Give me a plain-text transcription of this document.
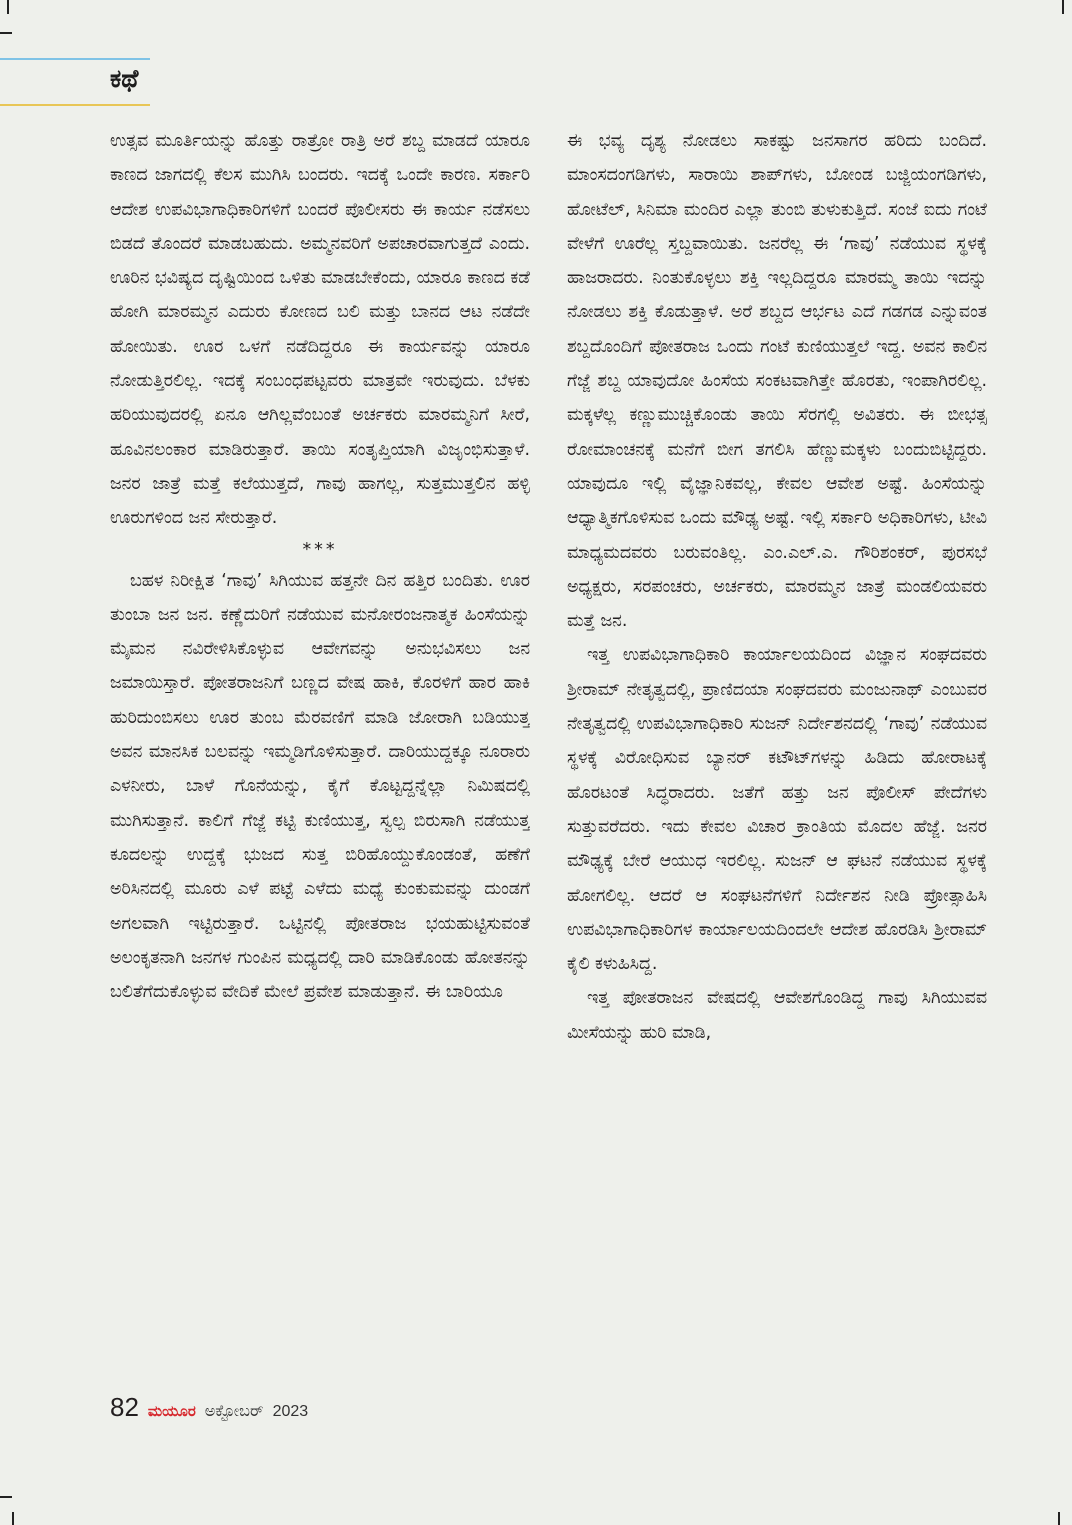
ಕಥೆ

ಉತ್ಸವ ಮೂರ್ತಿಯನ್ನು ಹೊತ್ತು ರಾತ್ರೋ ರಾತ್ರಿ ಅರೆ ಶಬ್ದ ಮಾಡದೆ ಯಾರೂ ಕಾಣದ ಜಾಗದಲ್ಲಿ ಕೆಲಸ ಮುಗಿಸಿ ಬಂದರು. ಇದಕ್ಕೆ ಒಂದೇ ಕಾರಣ. ಸರ್ಕಾರಿ ಆದೇಶ ಉಪವಿಭಾಗಾಧಿಕಾರಿಗಳಿಗೆ ಬಂದರೆ ಪೊಲೀಸರು ಈ ಕಾರ್ಯ ನಡೆಸಲು ಬಿಡದೆ ತೊಂದರೆ ಮಾಡಬಹುದು. ಅಮ್ಮನವರಿಗೆ ಅಪಚಾರವಾಗುತ್ತದೆ ಎಂದು. ಊರಿನ ಭವಿಷ್ಯದ ದೃಷ್ಟಿಯಿಂದ ಒಳಿತು ಮಾಡಬೇಕೆಂದು, ಯಾರೂ ಕಾಣದ ಕಡೆ ಹೋಗಿ ಮಾರಮ್ಮನ ಎದುರು ಕೋಣದ ಬಲಿ ಮತ್ತು ಬಾನದ ಆಟ ನಡೆದೇ ಹೋಯಿತು. ಊರ ಒಳಗೆ ನಡೆದಿದ್ದರೂ ಈ ಕಾರ್ಯವನ್ನು ಯಾರೂ ನೋಡುತ್ತಿರಲಿಲ್ಲ. ಇದಕ್ಕೆ ಸಂಬಂಧಪಟ್ಟವರು ಮಾತ್ರವೇ ಇರುವುದು. ಬೆಳಕು ಹರಿಯುವುದರಲ್ಲಿ ಏನೂ ಆಗಿಲ್ಲವೆಂಬಂತೆ ಅರ್ಚಕರು ಮಾರಮ್ಮನಿಗೆ ಸೀರೆ, ಹೂವಿನಲಂಕಾರ ಮಾಡಿರುತ್ತಾರೆ. ತಾಯಿ ಸಂತೃಪ್ತಿಯಾಗಿ ವಿಜೃಂಭಿಸುತ್ತಾಳೆ. ಜನರ ಜಾತ್ರೆ ಮತ್ತೆ ಕಲೆಯುತ್ತದೆ, ಗಾವು ಹಾಗಲ್ಲ, ಸುತ್ತಮುತ್ತಲಿನ ಹಳ್ಳಿ ಊರುಗಳಿಂದ ಜನ ಸೇರುತ್ತಾರೆ.

***

ಬಹಳ ನಿರೀಕ್ಷಿತ ‘ಗಾವು’ ಸಿಗಿಯುವ ಹತ್ತನೇ ದಿನ ಹತ್ತಿರ ಬಂದಿತು. ಊರ ತುಂಬಾ ಜನ ಜನ. ಕಣ್ಣೆದುರಿಗೆ ನಡೆಯುವ ಮನೋರಂಜನಾತ್ಮಕ ಹಿಂಸೆಯನ್ನು ಮೈಮನ ನವಿರೇಳಿಸಿಕೊಳ್ಳುವ ಆವೇಗವನ್ನು ಅನುಭವಿಸಲು ಜನ ಜಮಾಯಿಸ್ತಾರೆ. ಪೋತರಾಜನಿಗೆ ಬಣ್ಣದ ವೇಷ ಹಾಕಿ, ಕೊರಳಿಗೆ ಹಾರ ಹಾಕಿ ಹುರಿದುಂಬಿಸಲು ಊರ ತುಂಬ ಮೆರವಣಿಗೆ ಮಾಡಿ ಜೋರಾಗಿ ಬಡಿಯುತ್ತ ಅವನ ಮಾನಸಿಕ ಬಲವನ್ನು ಇಮ್ಮಡಿಗೊಳಿಸುತ್ತಾರೆ. ದಾರಿಯುದ್ದಕ್ಕೂ ನೂರಾರು ಎಳನೀರು, ಬಾಳೆ ಗೊನೆಯನ್ನು, ಕೈಗೆ ಕೊಟ್ಟದ್ದನ್ನೆಲ್ಲಾ ನಿಮಿಷದಲ್ಲಿ ಮುಗಿಸುತ್ತಾನೆ. ಕಾಲಿಗೆ ಗೆಜ್ಜೆ ಕಟ್ಟಿ ಕುಣಿಯುತ್ತ, ಸ್ವಲ್ಪ ಬಿರುಸಾಗಿ ನಡೆಯುತ್ತ ಕೂದಲನ್ನು ಉದ್ದಕ್ಕೆ ಭುಜದ ಸುತ್ತ ಬಿರಿಹೊಯ್ದುಕೊಂಡಂತೆ, ಹಣೆಗೆ ಅರಿಸಿನದಲ್ಲಿ ಮೂರು ಎಳೆ ಪಟ್ಟೆ ಎಳೆದು ಮಧ್ಯೆ ಕುಂಕುಮವನ್ನು ದುಂಡಗೆ ಅಗಲವಾಗಿ ಇಟ್ಟಿರುತ್ತಾರೆ. ಒಟ್ಟಿನಲ್ಲಿ ಪೋತರಾಜ ಭಯಹುಟ್ಟಿಸುವಂತೆ ಅಲಂಕೃತನಾಗಿ ಜನಗಳ ಗುಂಪಿನ ಮಧ್ಯದಲ್ಲಿ ದಾರಿ ಮಾಡಿಕೊಂಡು ಹೋತನನ್ನು ಬಲಿತೆಗೆದುಕೊಳ್ಳುವ ವೇದಿಕೆ ಮೇಲೆ ಪ್ರವೇಶ ಮಾಡುತ್ತಾನೆ. ಈ ಬಾರಿಯೂ

ಈ ಭವ್ಯ ದೃಶ್ಯ ನೋಡಲು ಸಾಕಷ್ಟು ಜನಸಾಗರ ಹರಿದು ಬಂದಿದೆ. ಮಾಂಸದಂಗಡಿಗಳು, ಸಾರಾಯಿ ಶಾಪ್‌ಗಳು, ಬೋಂಡ ಬಜ್ಜಿಯಂಗಡಿಗಳು, ಹೋಟೆಲ್, ಸಿನಿಮಾ ಮಂದಿರ ಎಲ್ಲಾ ತುಂಬಿ ತುಳುಕುತ್ತಿದೆ. ಸಂಜೆ ಐದು ಗಂಟೆ ವೇಳೆಗೆ ಊರೆಲ್ಲ ಸ್ತಬ್ದವಾಯಿತು. ಜನರೆಲ್ಲ ಈ ‘ಗಾವು’ ನಡೆಯುವ ಸ್ಥಳಕ್ಕೆ ಹಾಜರಾದರು. ನಿಂತುಕೊಳ್ಳಲು ಶಕ್ತಿ ಇಲ್ಲದಿದ್ದರೂ ಮಾರಮ್ಮ ತಾಯಿ ಇದನ್ನು ನೋಡಲು ಶಕ್ತಿ ಕೊಡುತ್ತಾಳೆ. ಅರೆ ಶಬ್ದದ ಆರ್ಭಟ ಎದೆ ಗಡಗಡ ಎನ್ನುವಂತ ಶಬ್ದದೊಂದಿಗೆ ಪೋತರಾಜ ಒಂದು ಗಂಟೆ ಕುಣಿಯುತ್ತಲೆ ಇದ್ದ. ಅವನ ಕಾಲಿನ ಗೆಜ್ಜೆ ಶಬ್ದ ಯಾವುದೋ ಹಿಂಸೆಯ ಸಂಕಟವಾಗಿತ್ತೇ ಹೊರತು, ಇಂಪಾಗಿರಲಿಲ್ಲ. ಮಕ್ಕಳೆಲ್ಲ ಕಣ್ಣುಮುಚ್ಚಿಕೊಂಡು ತಾಯಿ ಸೆರಗಲ್ಲಿ ಅವಿತರು. ಈ ಬೀಭತ್ಸ ರೋಮಾಂಚನಕ್ಕೆ ಮನೆಗೆ ಬೀಗ ತಗಲಿಸಿ ಹೆಣ್ಣುಮಕ್ಕಳು ಬಂದುಬಿಟ್ಟಿದ್ದರು. ಯಾವುದೂ ಇಲ್ಲಿ ವೈಜ್ಞಾನಿಕವಲ್ಲ, ಕೇವಲ ಆವೇಶ ಅಷ್ಟೆ. ಹಿಂಸೆಯನ್ನು ಆಧ್ಯಾತ್ಮಿಕಗೊಳಿಸುವ ಒಂದು ಮೌಢ್ಯ ಅಷ್ಟೆ. ಇಲ್ಲಿ ಸರ್ಕಾರಿ ಅಧಿಕಾರಿಗಳು, ಟೀವಿ ಮಾಧ್ಯಮದವರು ಬರುವಂತಿಲ್ಲ. ಎಂ.ಎಲ್.ಎ. ಗೌರಿಶಂಕರ್, ಪುರಸಭೆ ಅಧ್ಯಕ್ಷರು, ಸರಪಂಚರು, ಅರ್ಚಕರು, ಮಾರಮ್ಮನ ಜಾತ್ರೆ ಮಂಡಲಿಯವರು ಮತ್ತೆ ಜನ.

ಇತ್ತ ಉಪವಿಭಾಗಾಧಿಕಾರಿ ಕಾರ್ಯಾಲಯದಿಂದ ವಿಜ್ಞಾನ ಸಂಘದವರು ಶ್ರೀರಾಮ್ ನೇತೃತ್ವದಲ್ಲಿ, ಪ್ರಾಣಿದಯಾ ಸಂಘದವರು ಮಂಜುನಾಥ್ ಎಂಬುವರ ನೇತೃತ್ವದಲ್ಲಿ ಉಪವಿಭಾಗಾಧಿಕಾರಿ ಸುಜನ್ ನಿರ್ದೇಶನದಲ್ಲಿ ‘ಗಾವು’ ನಡೆಯುವ ಸ್ಥಳಕ್ಕೆ ವಿರೋಧಿಸುವ ಬ್ಯಾನರ್ ಕಟೌಟ್‌ಗಳನ್ನು ಹಿಡಿದು ಹೋರಾಟಕ್ಕೆ ಹೊರಟಂತೆ ಸಿದ್ಧರಾದರು. ಜತೆಗೆ ಹತ್ತು ಜನ ಪೊಲೀಸ್ ಪೇದೆಗಳು ಸುತ್ತುವರೆದರು. ಇದು ಕೇವಲ ವಿಚಾರ ಕ್ರಾಂತಿಯ ಮೊದಲ ಹೆಜ್ಜೆ. ಜನರ ಮೌಢ್ಯಕ್ಕೆ ಬೇರೆ ಆಯುಧ ಇರಲಿಲ್ಲ. ಸುಜನ್ ಆ ಘಟನೆ ನಡೆಯುವ ಸ್ಥಳಕ್ಕೆ ಹೋಗಲಿಲ್ಲ. ಆದರೆ ಆ ಸಂಘಟನೆಗಳಿಗೆ ನಿರ್ದೇಶನ ನೀಡಿ ಪ್ರೋತ್ಸಾಹಿಸಿ ಉಪವಿಭಾಗಾಧಿಕಾರಿಗಳ ಕಾರ್ಯಾಲಯದಿಂದಲೇ ಆದೇಶ ಹೊರಡಿಸಿ ಶ್ರೀರಾಮ್ ಕೈಲಿ ಕಳುಹಿಸಿದ್ದ.

ಇತ್ತ ಪೋತರಾಜನ ವೇಷದಲ್ಲಿ ಆವೇಶಗೊಂಡಿದ್ದ ಗಾವು ಸಿಗಿಯುವವ ಮೀಸೆಯನ್ನು ಹುರಿ ಮಾಡಿ,

82 ಮಯೂರ ಅಕ್ಟೋಬರ್ 2023
